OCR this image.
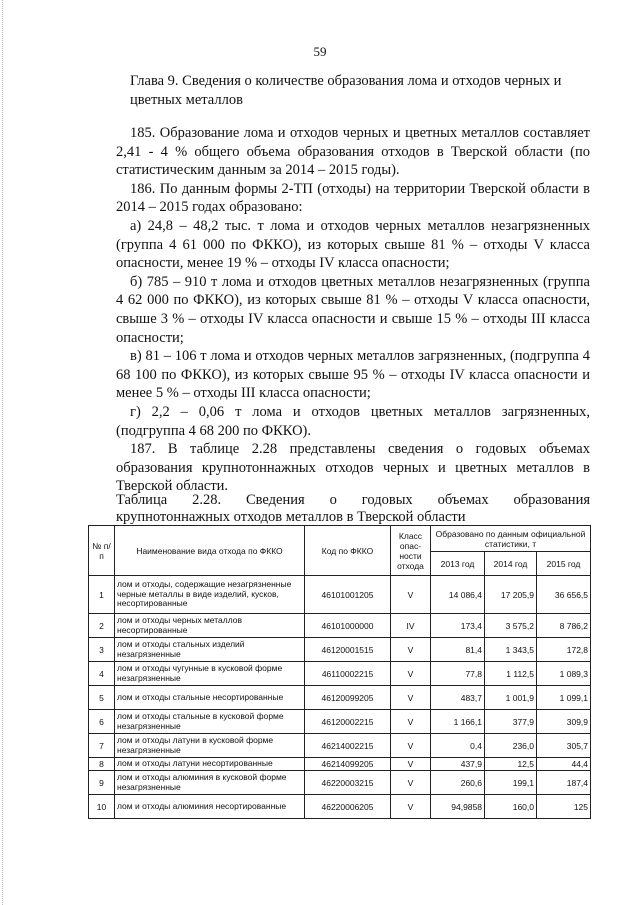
59
Глава 9. Сведения о количестве образования лома и отходов черных и цветных металлов

185. Образование лома и отходов черных и цветных металлов составляет 2,41 - 4 % общего объема образования отходов в Тверской области (по статистическим данным за 2014 – 2015 годы).

186. По данным формы 2-ТП (отходы) на территории Тверской области в 2014 – 2015 годах образовано:

а) 24,8 – 48,2 тыс. т лома и отходов черных металлов незагрязненных (группа 4 61 000 по ФККО), из которых свыше 81 % – отходы V класса опасности, менее 19 % – отходы IV класса опасности;

б) 785 – 910 т лома и отходов цветных металлов незагрязненных (группа 4 62 000 по ФККО), из которых свыше 81 % – отходы V класса опасности, свыше 3 % – отходы IV класса опасности и свыше 15 % – отходы III класса опасности;

в) 81 – 106 т лома и отходов черных металлов загрязненных, (подгруппа 4 68 100 по ФККО), из которых свыше 95 % – отходы IV класса опасности и менее 5 % – отходы III класса опасности;

г) 2,2 – 0,06 т лома и отходов цветных металлов загрязненных, (подгруппа 4 68 200 по ФККО).

187. В таблице 2.28 представлены сведения о годовых объемах образования крупнотоннажных отходов черных и цветных металлов в Тверской области.

Таблица 2.28. Сведения о годовых объемах образования
крупнотоннажных отходов металлов в Тверской области
№ п/п	Наименование вида отхода по ФККО	Код по ФККО	Класс опас-ности отхода	Образовано по данным официальной статистики, т		
				2013 год	2014 год	2015 год
1	лом и отходы, содержащие незагрязненные черные металлы в виде изделий, кусков, несортированные	46101001205	V	14 086,4	17 205,9	36 656,5
2	лом и отходы черных металлов несортированные	46101000000	IV	173,4	3 575,2	8 786,2
3	лом и отходы стальных изделий незагрязненные	46120001515	V	81,4	1 343,5	172,8
4	лом и отходы чугунные в кусковой форме незагрязненные	46110002215	V	77,8	1 112,5	1 089,3
5	лом и отходы стальные несортированные	46120099205	V	483,7	1 001,9	1 099,1
6	лом и отходы стальные в кусковой форме незагрязненные	46120002215	V	1 166,1	377,9	309,9
7	лом и отходы латуни в кусковой форме незагрязненные	46214002215	V	0,4	236,0	305,7
8	лом и отходы латуни несортированные	46214099205	V	437,9	12,5	44,4
9	лом и отходы алюминия в кусковой форме незагрязненные	46220003215	V	260,6	199,1	187,4
10	лом и отходы алюминия несортированные	46220006205	V	94,9858	160,0	125
